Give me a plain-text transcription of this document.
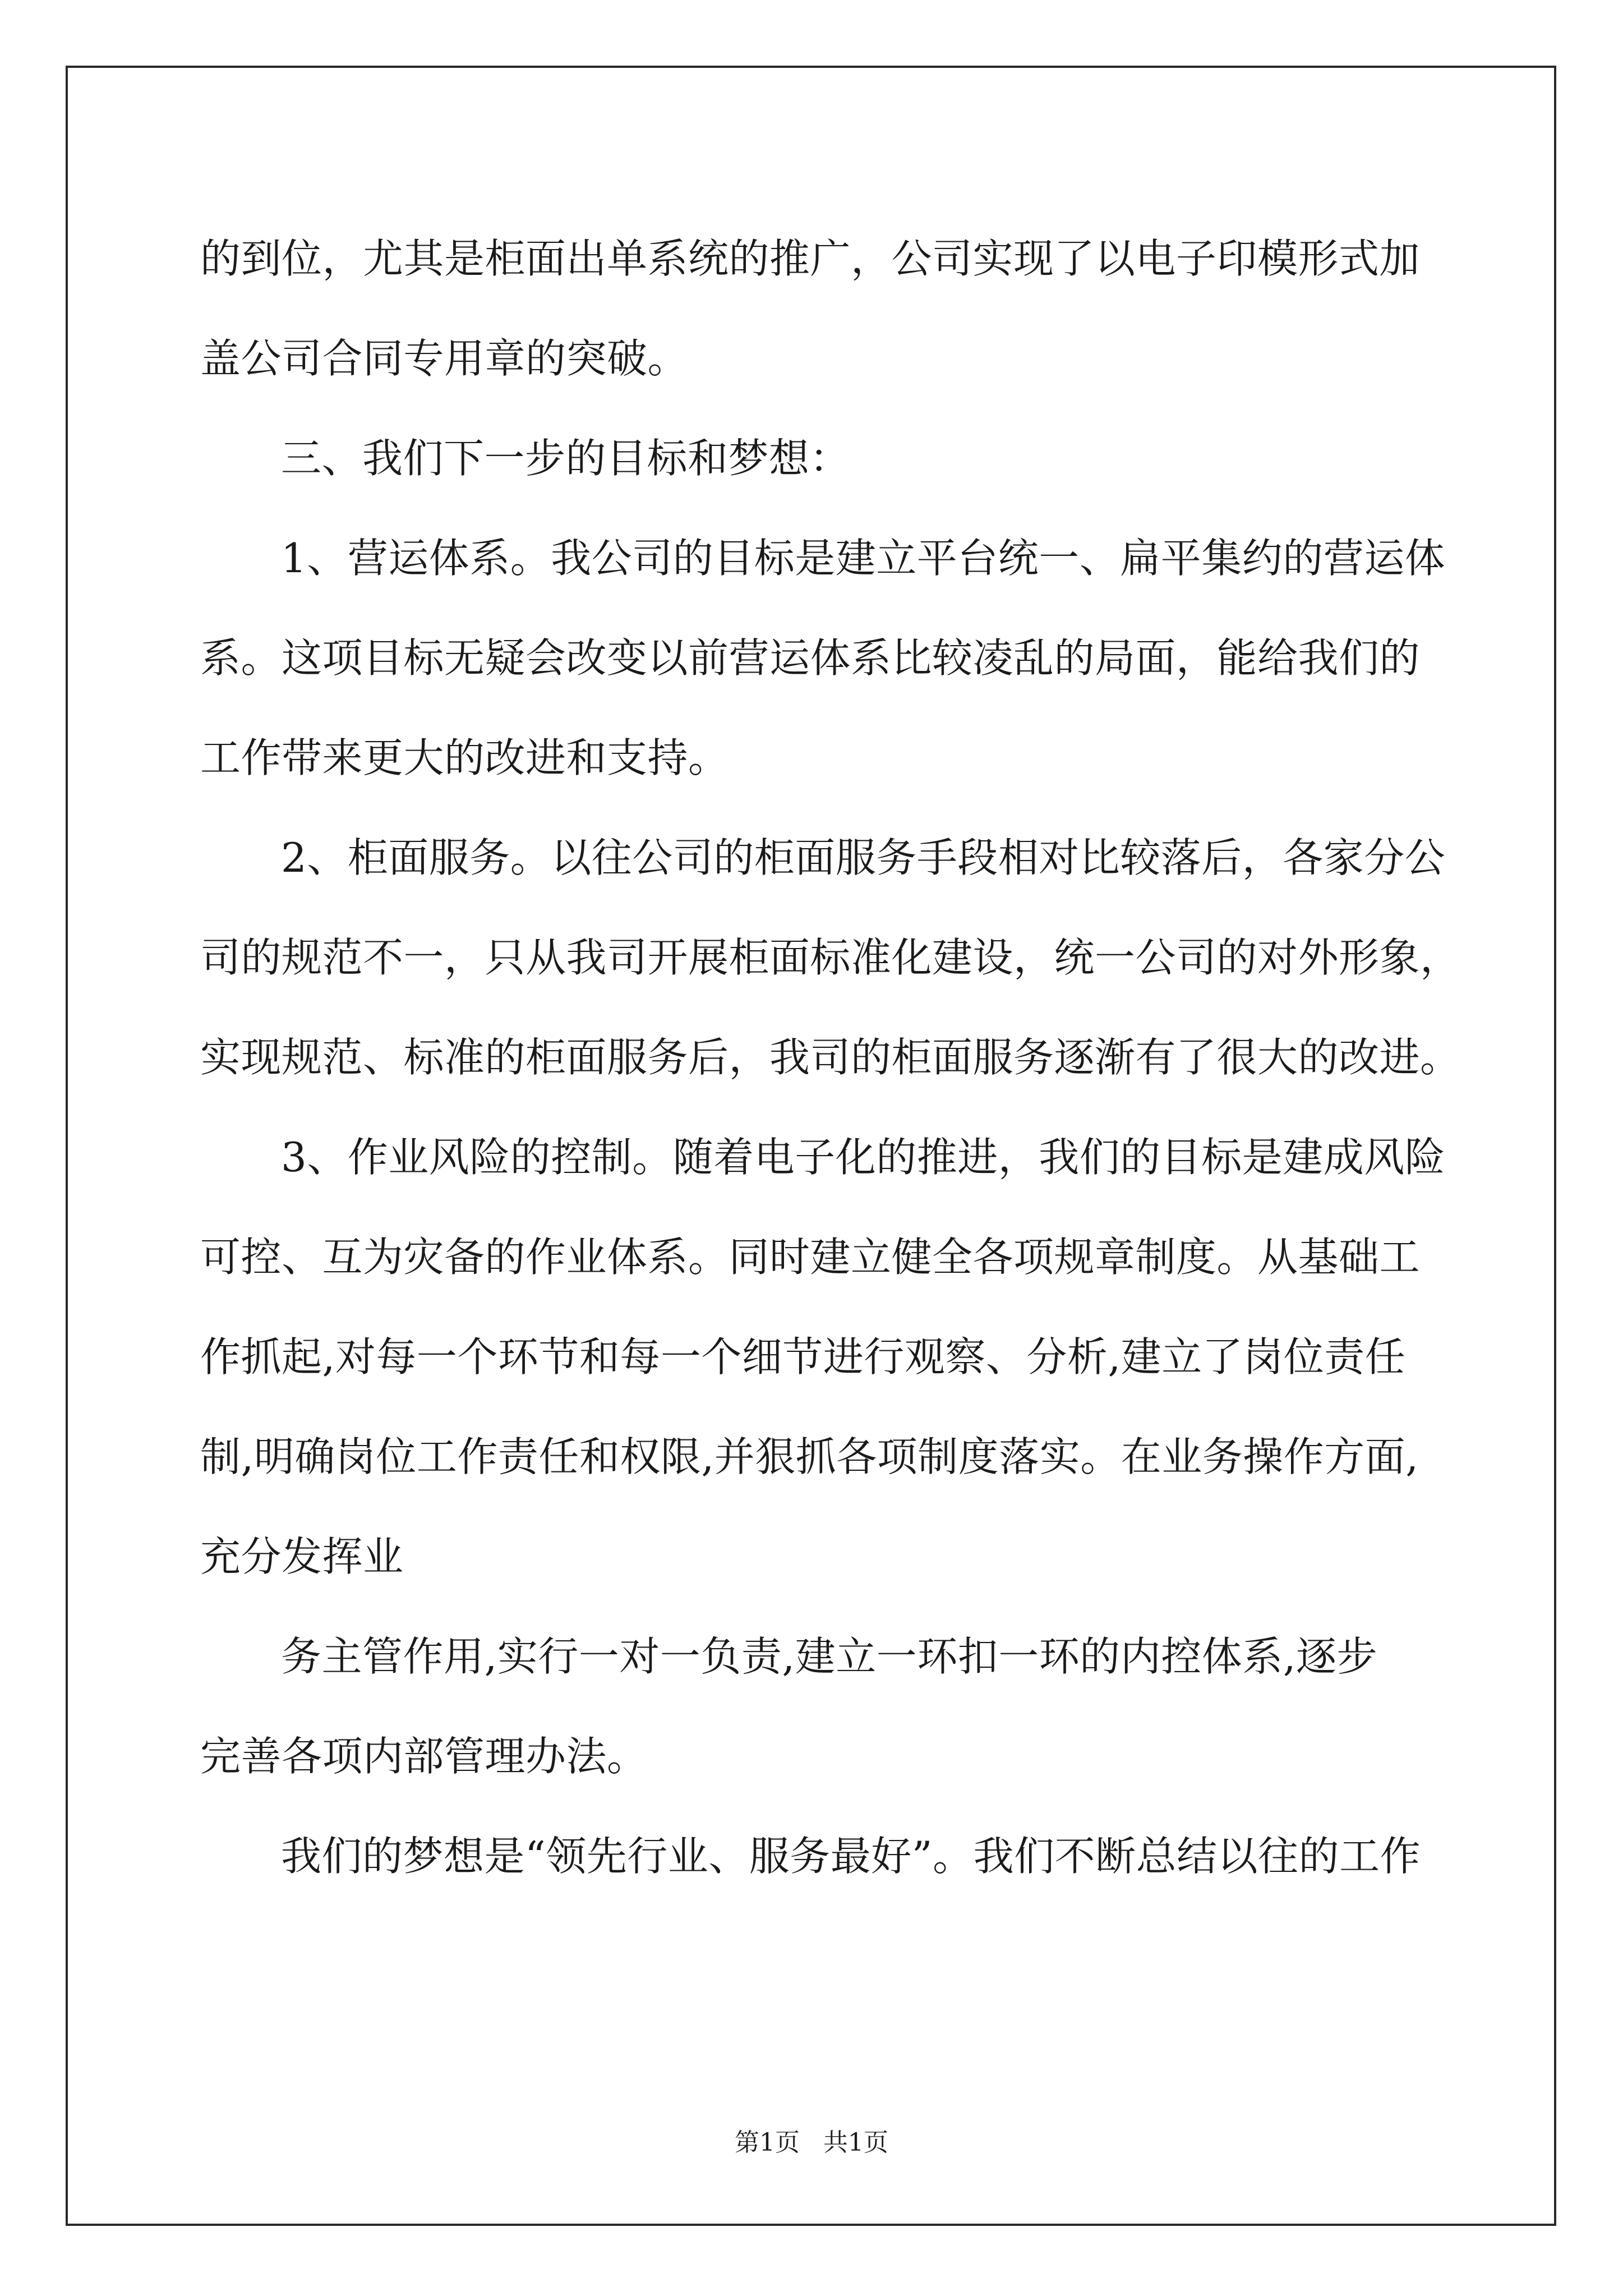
的到位，尤其是柜面出单系统的推广，公司实现了以电子印模形式加
盖公司合同专用章的突破。
三、我们下一步的目标和梦想：
1、营运体系。我公司的目标是建立平台统一、扁平集约的营运体
系。这项目标无疑会改变以前营运体系比较凌乱的局面，能给我们的
工作带来更大的改进和支持。
2、柜面服务。以往公司的柜面服务手段相对比较落后，各家分公
司的规范不一，只从我司开展柜面标准化建设，统一公司的对外形象，
实现规范、标准的柜面服务后，我司的柜面服务逐渐有了很大的改进。
3、作业风险的控制。随着电子化的推进，我们的目标是建成风险
可控、互为灾备的作业体系。同时建立健全各项规章制度。从基础工
作抓起,对每一个环节和每一个细节进行观察、分析,建立了岗位责任
制,明确岗位工作责任和权限,并狠抓各项制度落实。在业务操作方面,
充分发挥业
务主管作用,实行一对一负责,建立一环扣一环的内控体系,逐步
完善各项内部管理办法。
我们的梦想是“领先行业、服务最好”。我们不断总结以往的工作
第1页 共1页
